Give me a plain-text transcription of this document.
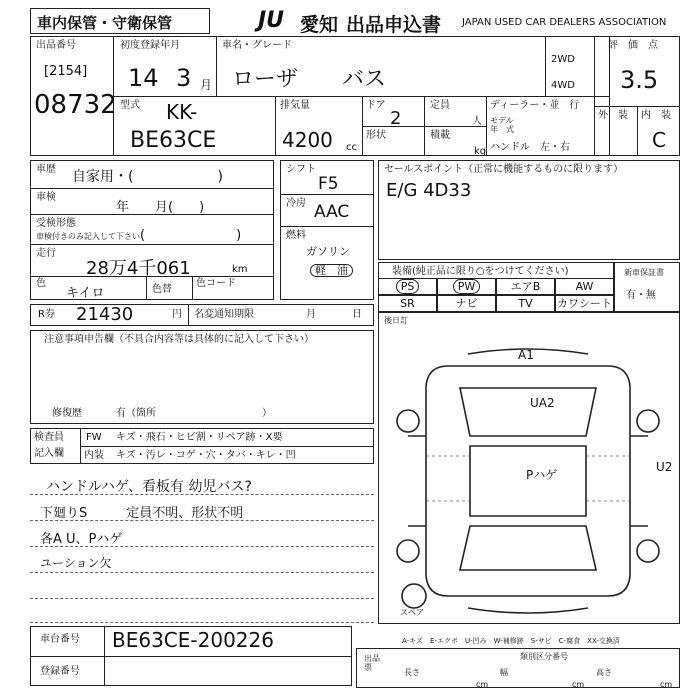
車内保管・守衛保管	JU 愛知 出品申込書 JAPAN USED CAR DEALERS ASSOCIATION
出品番号
[2154]
08732
初度登録年月
14 3 月
車名・グレード
ローザ　　バス
2WD
4WD
型式 KK-
BE63CE
排気量
4200 cc
ドア
2
定員
人
形状	積載
kg
ディーラー・並　行
モデル
年　式
ハンドル　左・右
評　価　点
3.5
外　装 内　装
C
車歴 自家用・(　　　　　　)
車検
年　　月(　　)
受検形態
車検付きのみ記入して下さい (　　　　　　　)
走行
28万4千061	km
色
キイロ	色替
色コード
シフト
F5
冷房 AAC
燃料
ガソリン
軽　油
セールスポイント（正常に機能するものに限ります）
E/G 4D33
装備(純正品に限り○をつけてください)
PS	PW	エアB	AW
SR	ナビ	TV	カワシート
新車保証書
有・無
R券 21430	円 名変通知期限	月	日
後日訂
注意事項申告欄（不具合内容等は具体的に記入して下さい）
修復歴	有（箇所	）
検査員
記入欄
FW キズ・飛石・ヒビ割・リペア跡・X要
内装 キズ・汚レ・コゲ・穴・タバ・キレ・凹
ハンドルハゲ、看板有 幼児バス?
下廻りS　　　定員不明、形状不明
各A U、Pハゲ
ユーション欠
A1
UA2
Pハゲ
U2
スペア
A-キズ　E-エクボ　U-凹み　W-補修跡　S-サビ　C-腐食　XX-交換済
車台番号 BE63CE-200226
登録番号
出品
票
類別区分番号
長さ
cm
幅
cm
高さ
cm
